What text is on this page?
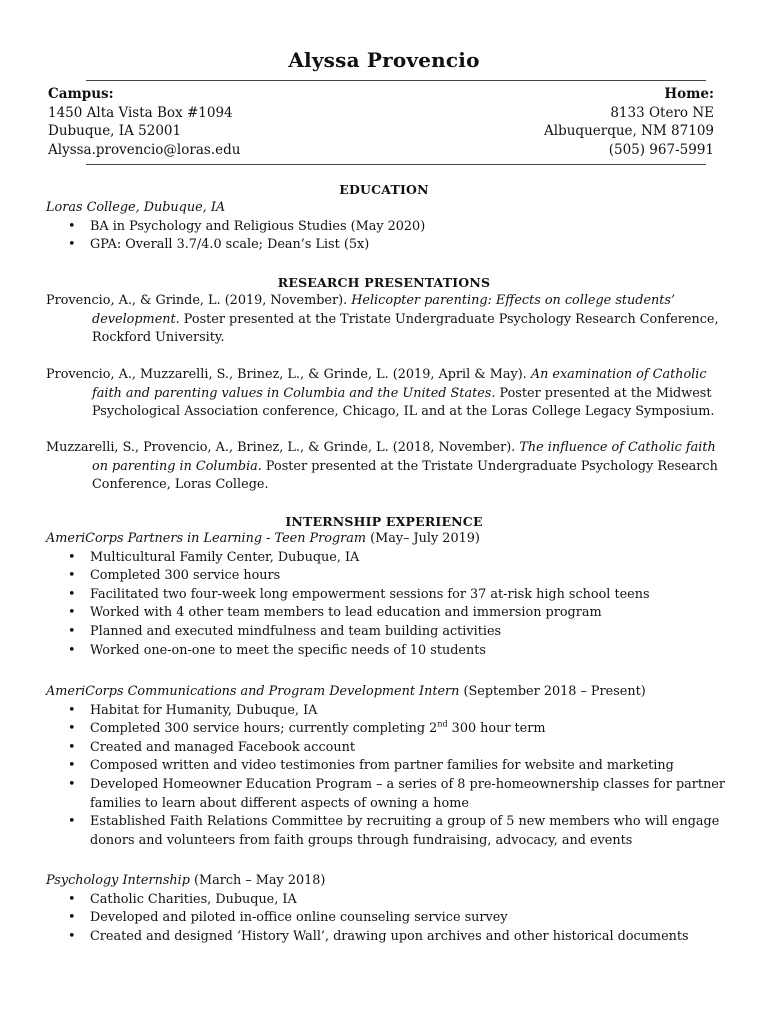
Alyssa Provencio
Campus:
1450 Alta Vista Box #1094
Dubuque, IA 52001
Alyssa.provencio@loras.edu
Home:
8133 Otero NE
Albuquerque, NM 87109
(505) 967-5991
EDUCATION
Loras College, Dubuque, IA
• BA in Psychology and Religious Studies (May 2020)
• GPA: Overall 3.7/4.0 scale; Dean’s List (5x)
RESEARCH PRESENTATIONS
Provencio, A., & Grinde, L. (2019, November). Helicopter parenting: Effects on college students’ development. Poster presented at the Tristate Undergraduate Psychology Research Conference, Rockford University.
Provencio, A., Muzzarelli, S., Brinez, L., & Grinde, L. (2019, April & May). An examination of Catholic faith and parenting values in Columbia and the United States. Poster presented at the Midwest Psychological Association conference, Chicago, IL and at the Loras College Legacy Symposium.
Muzzarelli, S., Provencio, A., Brinez, L., & Grinde, L. (2018, November). The influence of Catholic faith on parenting in Columbia. Poster presented at the Tristate Undergraduate Psychology Research Conference, Loras College.
INTERNSHIP EXPERIENCE
AmeriCorps Partners in Learning - Teen Program (May– July 2019)
• Multicultural Family Center, Dubuque, IA
• Completed 300 service hours
• Facilitated two four-week long empowerment sessions for 37 at-risk high school teens
• Worked with 4 other team members to lead education and immersion program
• Planned and executed mindfulness and team building activities
• Worked one-on-one to meet the specific needs of 10 students
AmeriCorps Communications and Program Development Intern (September 2018 – Present)
• Habitat for Humanity, Dubuque, IA
• Completed 300 service hours; currently completing 2nd 300 hour term
• Created and managed Facebook account
• Composed written and video testimonies from partner families for website and marketing
• Developed Homeowner Education Program – a series of 8 pre-homeownership classes for partner families to learn about different aspects of owning a home
• Established Faith Relations Committee by recruiting a group of 5 new members who will engage donors and volunteers from faith groups through fundraising, advocacy, and events
Psychology Internship (March – May 2018)
• Catholic Charities, Dubuque, IA
• Developed and piloted in-office online counseling service survey
• Created and designed ‘History Wall’, drawing upon archives and other historical documents
